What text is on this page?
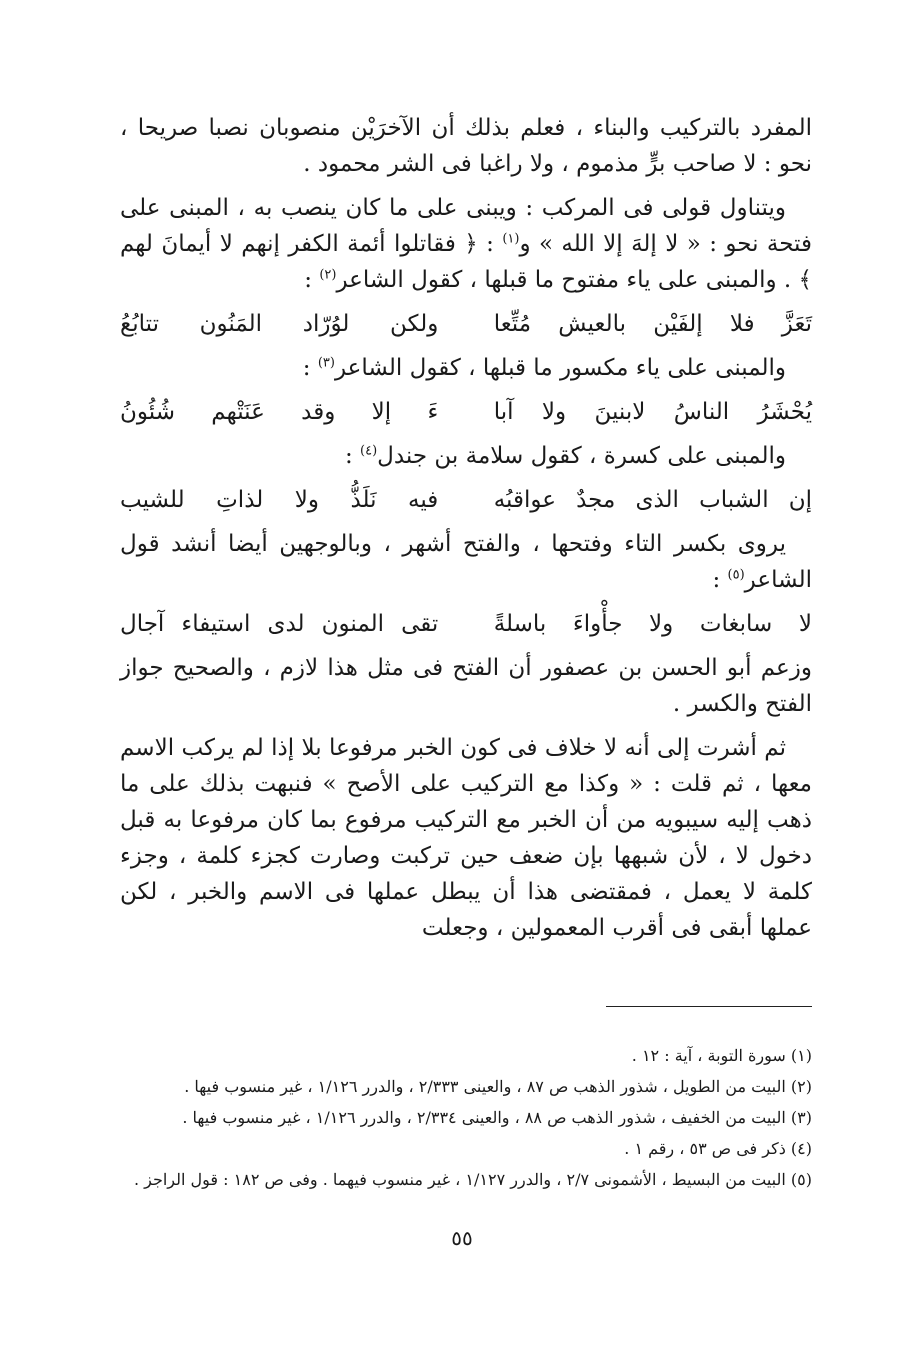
المفرد بالتركيب والبناء ، فعلم بذلك أن الآخرَيْن منصوبان نصبا صريحا ، نحو : لا صاحب برٍّ مذموم ، ولا راغبا فى الشر محمود .

ويتناول قولى فى المركب : ويبنى على ما كان ينصب به ، المبنى على فتحة نحو : « لا إلهَ إلا الله » و$^{(١)}$ : ﴿ فقاتلوا أئمة الكفر إنهم لا أيمانَ لهم ﴾ . والمبنى على ياء مفتوح ما قبلها ، كقول الشاعر$^{(٢)}$ :

تَعَزَّ فلا إلفَيْن بالعيش مُتِّعا
ولكن لوُرّاد المَنُون تتابُعُ

والمبنى على ياء مكسور ما قبلها ، كقول الشاعر$^{(٣)}$ :

يُحْشَرُ الناسُ لابنينَ ولا آبا
ءَ إلا وقد عَنَتْهم شُئُونُ

والمبنى على كسرة ، كقول سلامة بن جندل$^{(٤)}$ :

إن الشباب الذى مجدٌ عواقبُه
فيه نَلَذُّ ولا لذاتِ للشيب

يروى بكسر التاء وفتحها ، والفتح أشهر ، وبالوجهين أيضا أنشد قول الشاعر$^{(٥)}$ :

لا سابغات ولا جأْواءَ باسلةً
تقى المنون لدى استيفاء آجال

وزعم أبو الحسن بن عصفور أن الفتح فى مثل هذا لازم ، والصحيح جواز الفتح والكسر .

ثم أشرت إلى أنه لا خلاف فى كون الخبر مرفوعا بلا إذا لم يركب الاسم معها ، ثم قلت : « وكذا مع التركيب على الأصح » فنبهت بذلك على ما ذهب إليه سيبويه من أن الخبر مع التركيب مرفوع بما كان مرفوعا به قبل دخول لا ، لأن شبهها بإن ضعف حين تركبت وصارت كجزء كلمة ، وجزء كلمة لا يعمل ، فمقتضى هذا أن يبطل عملها فى الاسم والخبر ، لكن عملها أبقى فى أقرب المعمولين ، وجعلت

(١) سورة التوبة ، آية : ١٢ .

(٢) البيت من الطويل ، شذور الذهب ص ٨٧ ، والعينى ٢/٣٣٣ ، والدرر ١/١٢٦ ، غير منسوب فيها .

(٣) البيت من الخفيف ، شذور الذهب ص ٨٨ ، والعينى ٢/٣٣٤ ، والدرر ١/١٢٦ ، غير منسوب فيها .

(٤) ذكر فى ص ٥٣ ، رقم ١ .

(٥) البيت من البسيط ، الأشمونى ٢/٧ ، والدرر ١/١٢٧ ، غير منسوب فيهما . وفى ص ١٨٢ : قول الراجز .

٥٥
